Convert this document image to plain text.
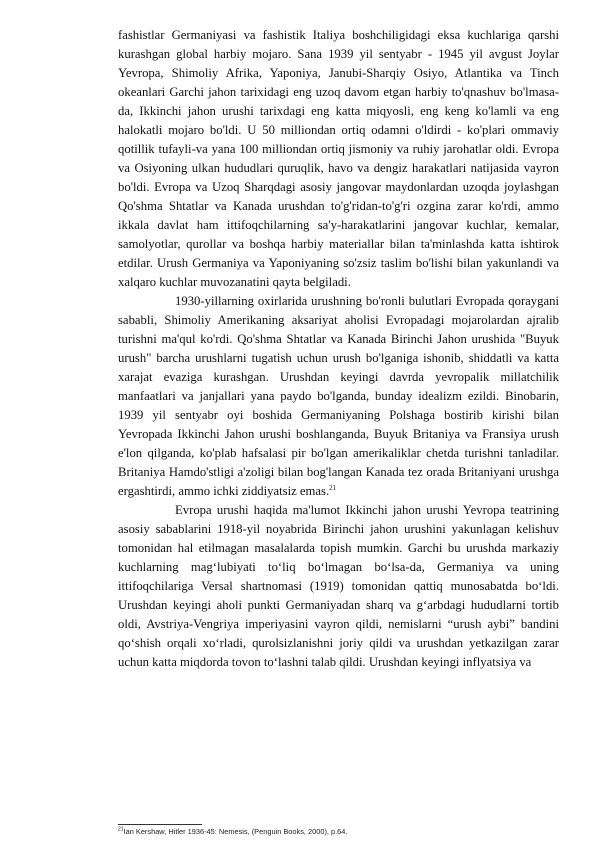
fashistlar Germaniyasi va fashistik Italiya boshchiligidagi eksa kuchlariga qarshi kurashgan global harbiy mojaro. Sana 1939 yil sentyabr - 1945 yil avgust Joylar Yevropa, Shimoliy Afrika, Yaponiya, Janubi-Sharqiy Osiyo, Atlantika va Tinch okeanlari Garchi jahon tarixidagi eng uzoq davom etgan harbiy to'qnashuv bo'lmasa-da, Ikkinchi jahon urushi tarixdagi eng katta miqyosli, eng keng ko'lamli va eng halokatli mojaro bo'ldi. U 50 milliondan ortiq odamni o'ldirdi - ko'plari ommaviy qotillik tufayli-va yana 100 milliondan ortiq jismoniy va ruhiy jarohatlar oldi. Evropa va Osiyoning ulkan hududlari quruqlik, havo va dengiz harakatlari natijasida vayron bo'ldi. Evropa va Uzoq Sharqdagi asosiy jangovar maydonlardan uzoqda joylashgan Qo'shma Shtatlar va Kanada urushdan to'g'ridan-to'g'ri ozgina zarar ko'rdi, ammo ikkala davlat ham ittifoqchilarning sa'y-harakatlarini jangovar kuchlar, kemalar, samolyotlar, qurollar va boshqa harbiy materiallar bilan ta'minlashda katta ishtirok etdilar. Urush Germaniya va Yaponiyaning so'zsiz taslim bo'lishi bilan yakunlandi va xalqaro kuchlar muvozanatini qayta belgiladi.

1930-yillarning oxirlarida urushning bo'ronli bulutlari Evropada qoraygani sababli, Shimoliy Amerikaning aksariyat aholisi Evropadagi mojarolardan ajralib turishni ma'qul ko'rdi. Qo'shma Shtatlar va Kanada Birinchi Jahon urushida "Buyuk urush" barcha urushlarni tugatish uchun urush bo'lganiga ishonib, shiddatli va katta xarajat evaziga kurashgan. Urushdan keyingi davrda yevropalik millatchilik manfaatlari va janjallari yana paydo bo'lganda, bunday idealizm ezildi. Binobarin, 1939 yil sentyabr oyi boshida Germaniyaning Polshaga bostirib kirishi bilan Yevropada Ikkinchi Jahon urushi boshlanganda, Buyuk Britaniya va Fransiya urush e'lon qilganda, ko'plab hafsalasi pir bo'lgan amerikaliklar chetda turishni tanladilar. Britaniya Hamdo'stligi a'zoligi bilan bog'langan Kanada tez orada Britaniyani urushga ergashtirdi, ammo ichki ziddiyatsiz emas.$^{21}$

Evropa urushi haqida ma'lumot Ikkinchi jahon urushi Yevropa teatrining asosiy sabablarini 1918-yil noyabrida Birinchi jahon urushini yakunlagan kelishuv tomonidan hal etilmagan masalalarda topish mumkin. Garchi bu urushda markaziy kuchlarning mag‘lubiyati to‘liq bo‘lmagan bo‘lsa-da, Germaniya va uning ittifoqchilariga Versal shartnomasi (1919) tomonidan qattiq munosabatda bo‘ldi. Urushdan keyingi aholi punkti Germaniyadan sharq va g‘arbdagi hududlarni tortib oldi, Avstriya-Vengriya imperiyasini vayron qildi, nemislarni “urush aybi” bandini qo‘shish orqali xo‘rladi, qurolsizlanishni joriy qildi va urushdan yetkazilgan zarar uchun katta miqdorda tovon to‘lashni talab qildi. Urushdan keyingi inflyatsiya va

$^{21}$Ian Kershaw, Hitler 1936-45: Nemesis, (Penguin Books, 2000), p.64.
